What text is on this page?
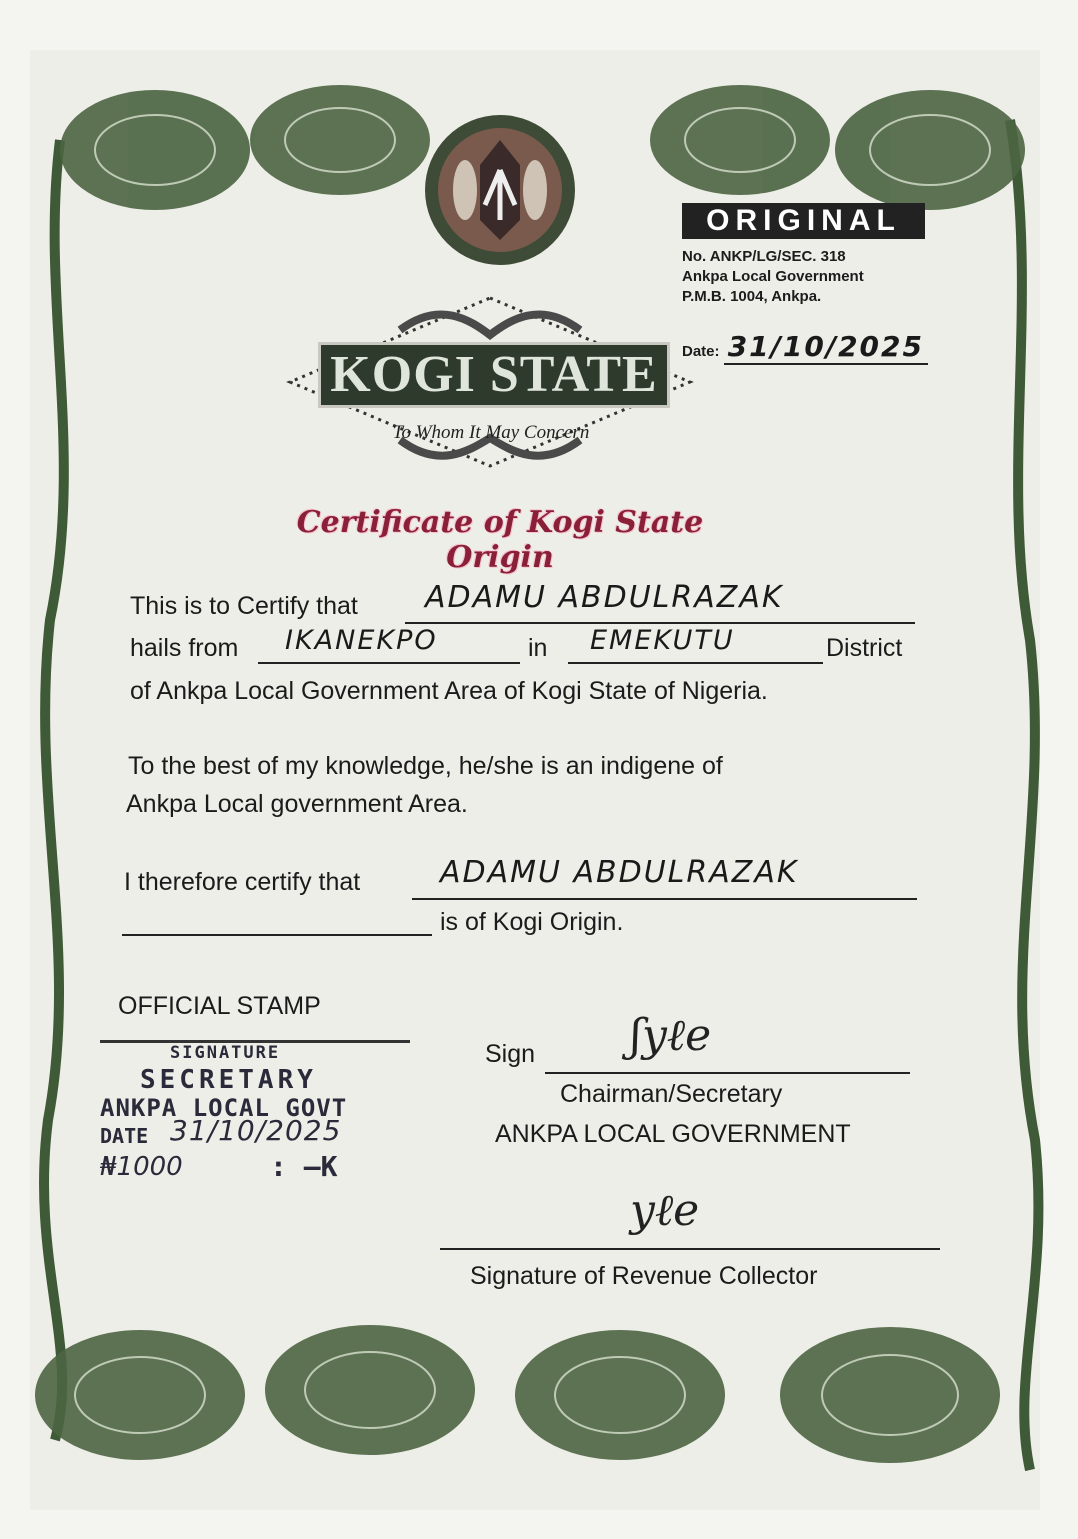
ORIGINAL
No. ANKP/LG/SEC. 318
Ankpa Local Government
P.M.B. 1004, Ankpa.
Date: 31/10/2025
KOGI STATE
To Whom It May Concern
Certificate of Kogi State Origin
This is to Certify that ADAMU ABDULRAZAK
hails from IKANEKPO	in EMEKUTU	District
of Ankpa Local Government Area of Kogi State of Nigeria.
To the best of my knowledge, he/she is an indigene of
Ankpa Local government Area.
I therefore certify that	ADAMU ABDULRAZAK
is of Kogi Origin.
OFFICIAL STAMP
SIGNATURE
SECRETARY
ANKPA LOCAL GOVT
DATE 31/10/2025
₦1000	: —K
Sign ʃyℓe
Chairman/Secretary
ANKPA LOCAL GOVERNMENT
yℓe
Signature of Revenue Collector
